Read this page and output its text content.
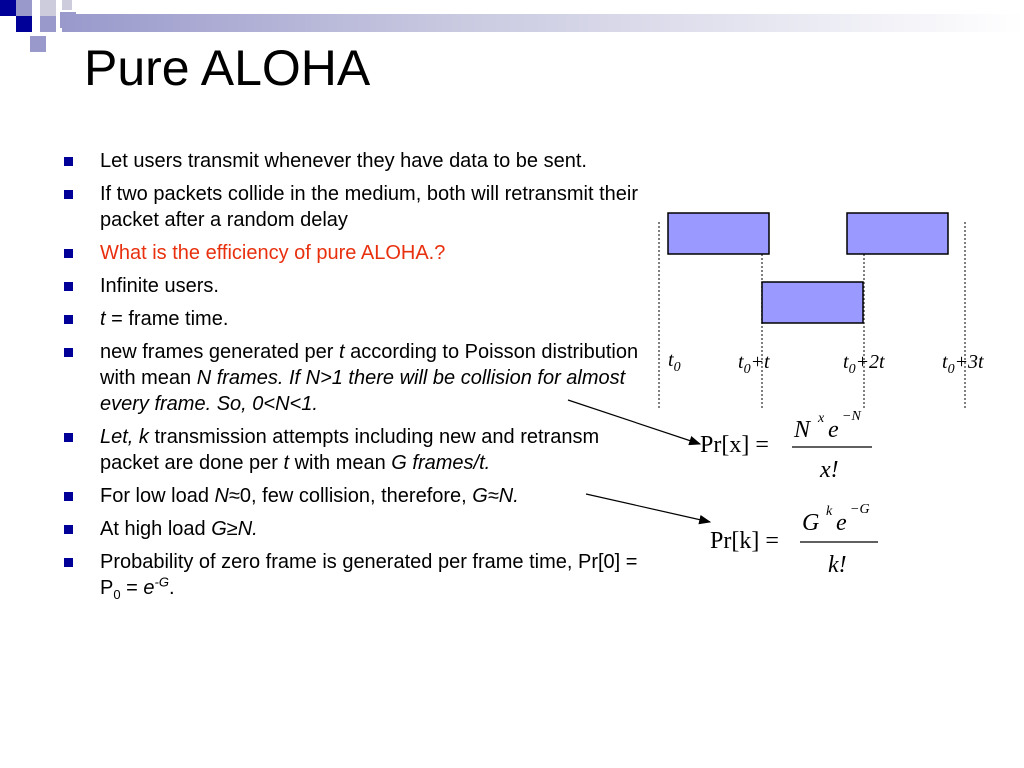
Pure ALOHA
Let users transmit whenever they have data to be sent.
If two packets collide in the medium, both will retransmit their packet after a random delay
What is the efficiency of pure ALOHA.?
Infinite users.
t = frame time.
new frames generated per t according to Poisson distribution with mean N frames. If N>1 there will be collision for almost every frame. So, 0<N<1.
Let, k transmission attempts including new and retransm packet are done per t with mean G frames/t.
For low load N≈0, few collision, therefore, G≈N.
At high load G≥N.
Probability of zero frame is generated per frame time, $Pr[0] = P_0 = e^{-G}$.
$t_0$	$t_0+t$	$t_0+2t$	$t_0+3t$
Pr[x] =
N x e
−N
x!
Pr[k] =
G k e
−G
k!
